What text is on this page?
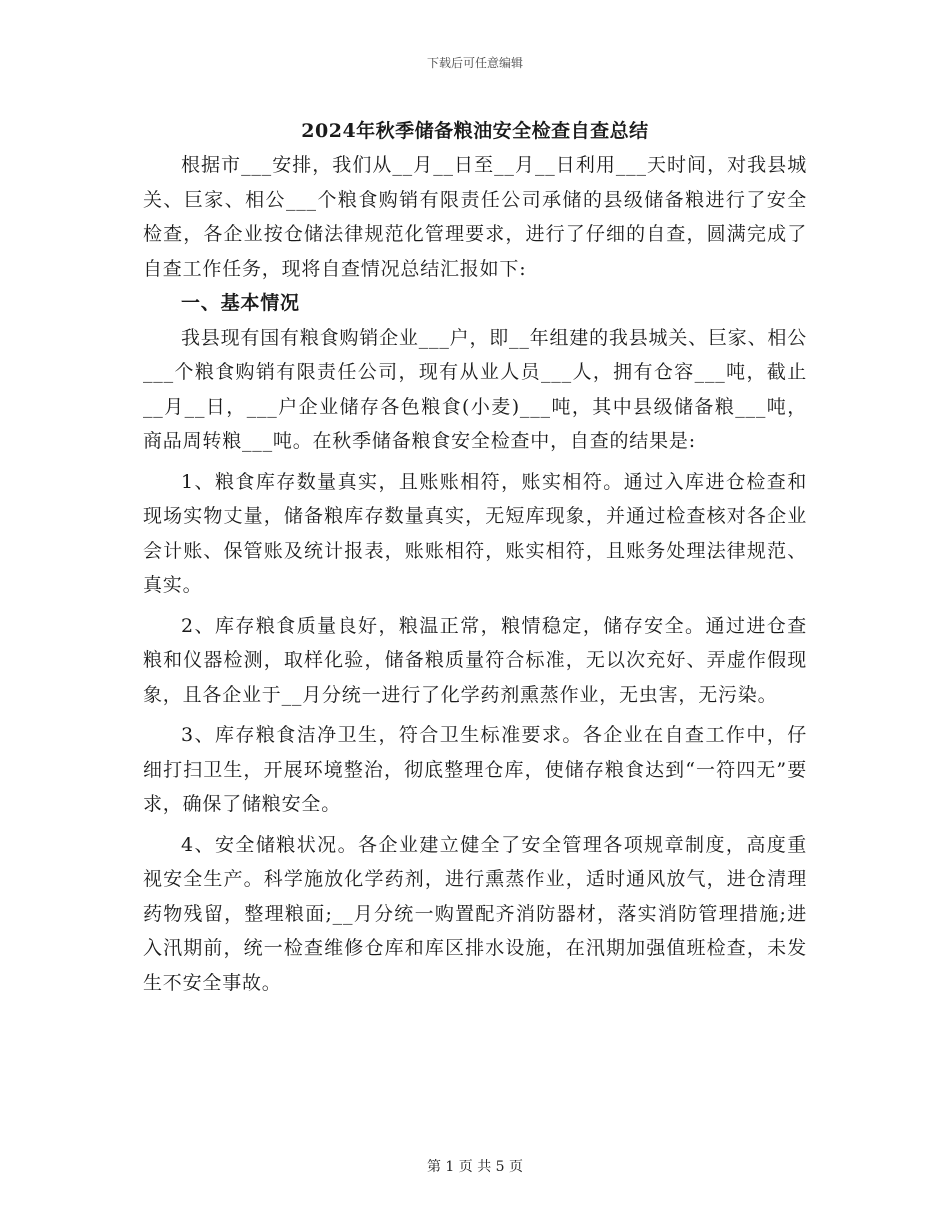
下载后可任意编辑
2024年秋季储备粮油安全检查自查总结

根据市___安排，我们从__月__日至__月__日利用___天时间，对我县城关、巨家、相公___个粮食购销有限责任公司承储的县级储备粮进行了安全检查，各企业按仓储法律规范化管理要求，进行了仔细的自查，圆满完成了自查工作任务，现将自查情况总结汇报如下:

一、基本情况

我县现有国有粮食购销企业___户，即__年组建的我县城关、巨家、相公___个粮食购销有限责任公司，现有从业人员___人，拥有仓容___吨，截止__月__日，___户企业储存各色粮食(小麦)___吨，其中县级储备粮___吨，商品周转粮___吨。在秋季储备粮食安全检查中，自查的结果是:

1、粮食库存数量真实，且账账相符，账实相符。通过入库进仓检查和现场实物丈量，储备粮库存数量真实，无短库现象，并通过检查核对各企业会计账、保管账及统计报表，账账相符，账实相符，且账务处理法律规范、真实。

2、库存粮食质量良好，粮温正常，粮情稳定，储存安全。通过进仓查粮和仪器检测，取样化验，储备粮质量符合标准，无以次充好、弄虚作假现象，且各企业于__月分统一进行了化学药剂熏蒸作业，无虫害，无污染。

3、库存粮食洁净卫生，符合卫生标准要求。各企业在自查工作中，仔细打扫卫生，开展环境整治，彻底整理仓库，使储存粮食达到“一符四无”要求，确保了储粮安全。

4、安全储粮状况。各企业建立健全了安全管理各项规章制度，高度重视安全生产。科学施放化学药剂，进行熏蒸作业，适时通风放气，进仓清理药物残留，整理粮面;__月分统一购置配齐消防器材，落实消防管理措施;进入汛期前，统一检查维修仓库和库区排水设施，在汛期加强值班检查，未发生不安全事故。

第 1 页 共 5 页
